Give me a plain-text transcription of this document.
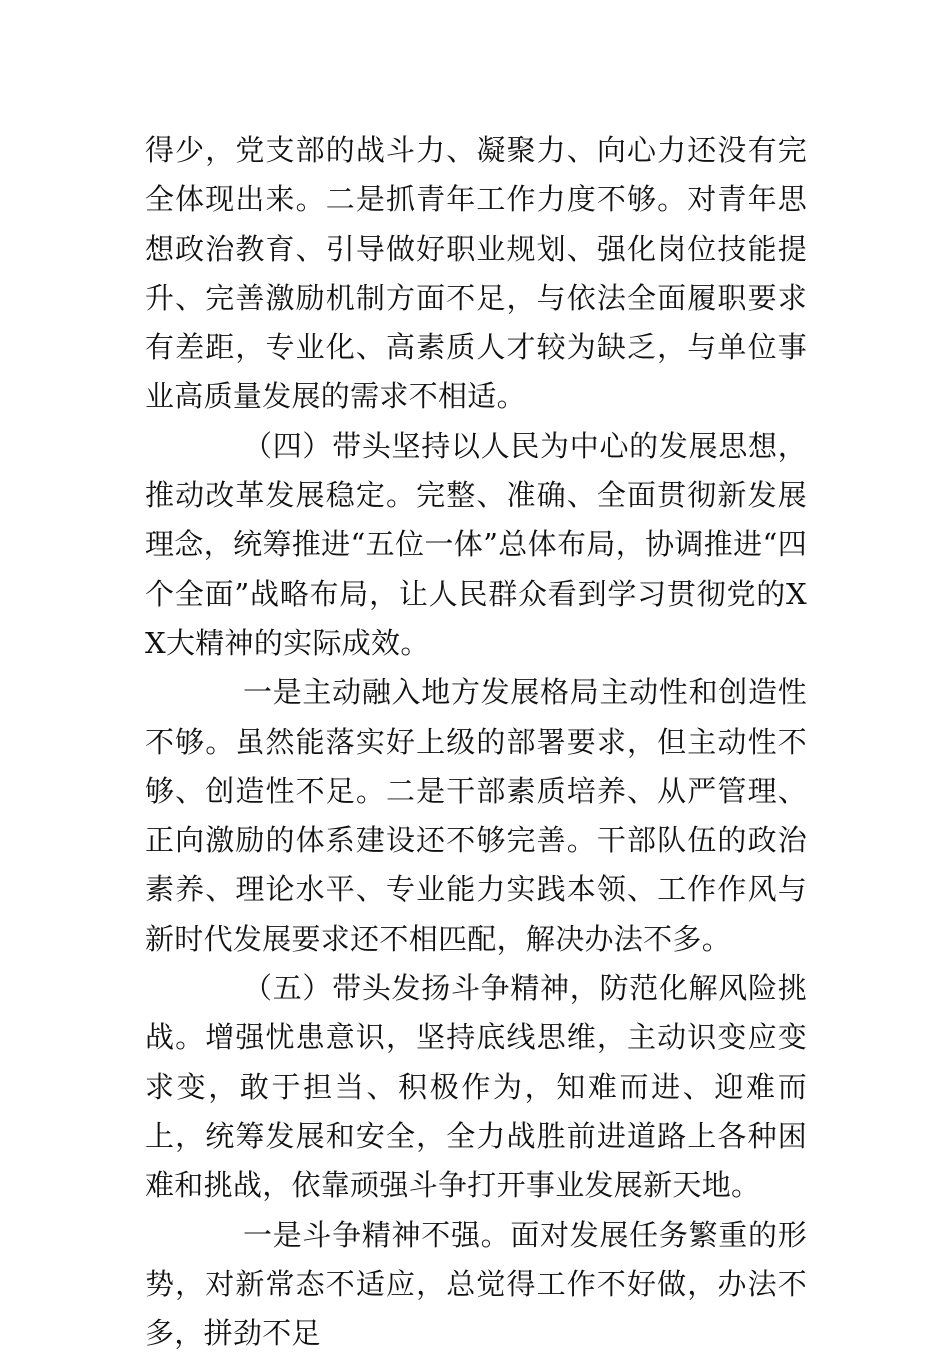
得少，党支部的战斗力、凝聚力、向心力还没有完全体现出来。二是抓青年工作力度不够。对青年思想政治教育、引导做好职业规划、强化岗位技能提升、完善激励机制方面不足，与依法全面履职要求有差距，专业化、高素质人才较为缺乏，与单位事业高质量发展的需求不相适。

（四）带头坚持以人民为中心的发展思想，推动改革发展稳定。完整、准确、全面贯彻新发展理念，统筹推进“五位一体”总体布局，协调推进“四个全面”战略布局，让人民群众看到学习贯彻党的XX大精神的实际成效。

一是主动融入地方发展格局主动性和创造性不够。虽然能落实好上级的部署要求，但主动性不够、创造性不足。二是干部素质培养、从严管理、正向激励的体系建设还不够完善。干部队伍的政治素养、理论水平、专业能力实践本领、工作作风与新时代发展要求还不相匹配，解决办法不多。

（五）带头发扬斗争精神，防范化解风险挑战。增强忧患意识，坚持底线思维，主动识变应变求变，敢于担当、积极作为，知难而进、迎难而上，统筹发展和安全，全力战胜前进道路上各种困难和挑战，依靠顽强斗争打开事业发展新天地。

一是斗争精神不强。面对发展任务繁重的形势，对新常态不适应，总觉得工作不好做，办法不多，拼劲不足
